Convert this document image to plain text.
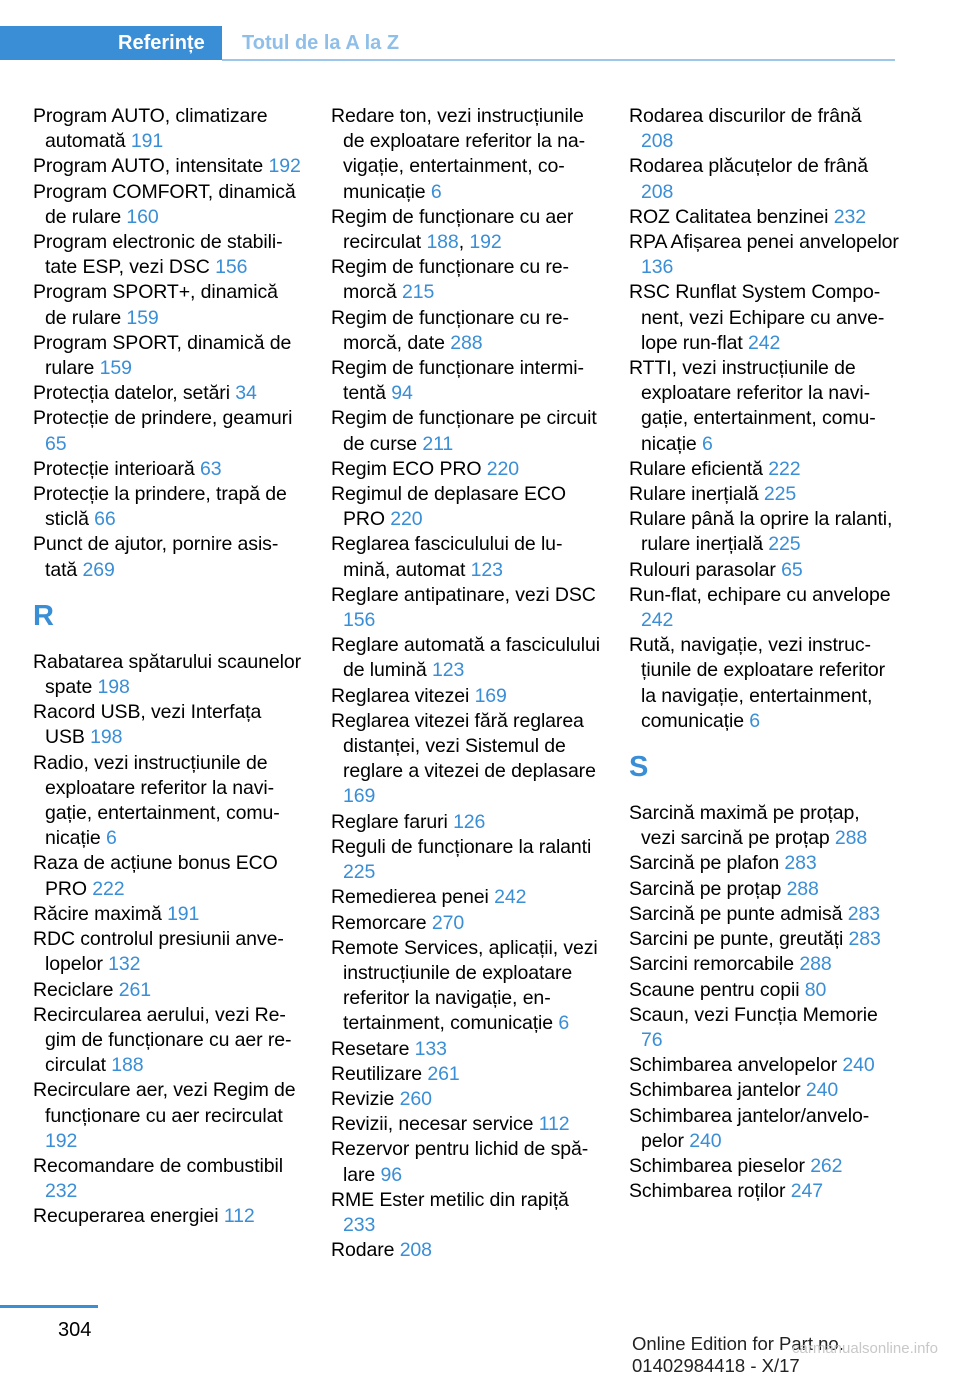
Referințe	Totul de la A la Z
Program AUTO, climatizare automată 191
Program AUTO, intensitate 192
Program COMFORT, dinamică de rulare 160
Program electronic de stabilitate ESP, vezi DSC 156
Program SPORT+, dinamică de rulare 159
Program SPORT, dinamică de rulare 159
Protecția datelor, setări 34
Protecție de prindere, geamuri 65
Protecție interioară 63
Protecție la prindere, trapă de sticlă 66
Punct de ajutor, pornire asistată 269
R
Rabatarea spătarului scaunelor spate 198
Racord USB, vezi Interfața USB 198
Radio, vezi instrucțiunile de exploatare referitor la navigație, entertainment, comunicație 6
Raza de acțiune bonus ECO PRO 222
Răcire maximă 191
RDC controlul presiunii anvelopelor 132
Reciclare 261
Recircularea aerului, vezi Regim de funcționare cu aer recirculat 188
Recirculare aer, vezi Regim de funcționare cu aer recirculat 192
Recomandare de combustibil 232
Recuperarea energiei 112
Redare ton, vezi instrucțiunile de exploatare referitor la navigație, entertainment, comunicație 6
Regim de funcționare cu aer recirculat 188, 192
Regim de funcționare cu remorcă 215
Regim de funcționare cu remorcă, date 288
Regim de funcționare intermitentă 94
Regim de funcționare pe circuit de curse 211
Regim ECO PRO 220
Regimul de deplasare ECO PRO 220
Reglarea fasciculului de lumină, automat 123
Reglare antipatinare, vezi DSC 156
Reglare automată a fasciculului de lumină 123
Reglarea vitezei 169
Reglarea vitezei fără reglarea distanței, vezi Sistemul de reglare a vitezei de deplasare 169
Reglare faruri 126
Reguli de funcționare la ralanti 225
Remedierea penei 242
Remorcare 270
Remote Services, aplicații, vezi instrucțiunile de exploatare referitor la navigație, entertainment, comunicație 6
Resetare 133
Reutilizare 261
Revizie 260
Revizii, necesar service 112
Rezervor pentru lichid de spălare 96
RME Ester metilic din rapiță 233
Rodare 208
Rodarea discurilor de frână 208
Rodarea plăcuțelor de frână 208
ROZ Calitatea benzinei 232
RPA Afișarea penei anvelopelor 136
RSC Runflat System Component, vezi Echipare cu anvelope run-flat 242
RTTI, vezi instrucțiunile de exploatare referitor la navigație, entertainment, comunicație 6
Rulare eficientă 222
Rulare inerțială 225
Rulare până la oprire la ralanti, rulare inerțială 225
Rulouri parasolar 65
Run-flat, echipare cu anvelope 242
Rută, navigație, vezi instrucțiunile de exploatare referitor la navigație, entertainment, comunicație 6
S
Sarcină maximă pe proțap, vezi sarcină pe proțap 288
Sarcină pe plafon 283
Sarcină pe proțap 288
Sarcină pe punte admisă 283
Sarcini pe punte, greutăți 283
Sarcini remorcabile 288
Scaune pentru copii 80
Scaun, vezi Funcția Memorie 76
Schimbarea anvelopelor 240
Schimbarea jantelor 240
Schimbarea jantelor/anvelopelor 240
Schimbarea pieselor 262
Schimbarea roților 247
304
Online Edition for Part no. 01402984418 - X/17
carmanualsonline.info
